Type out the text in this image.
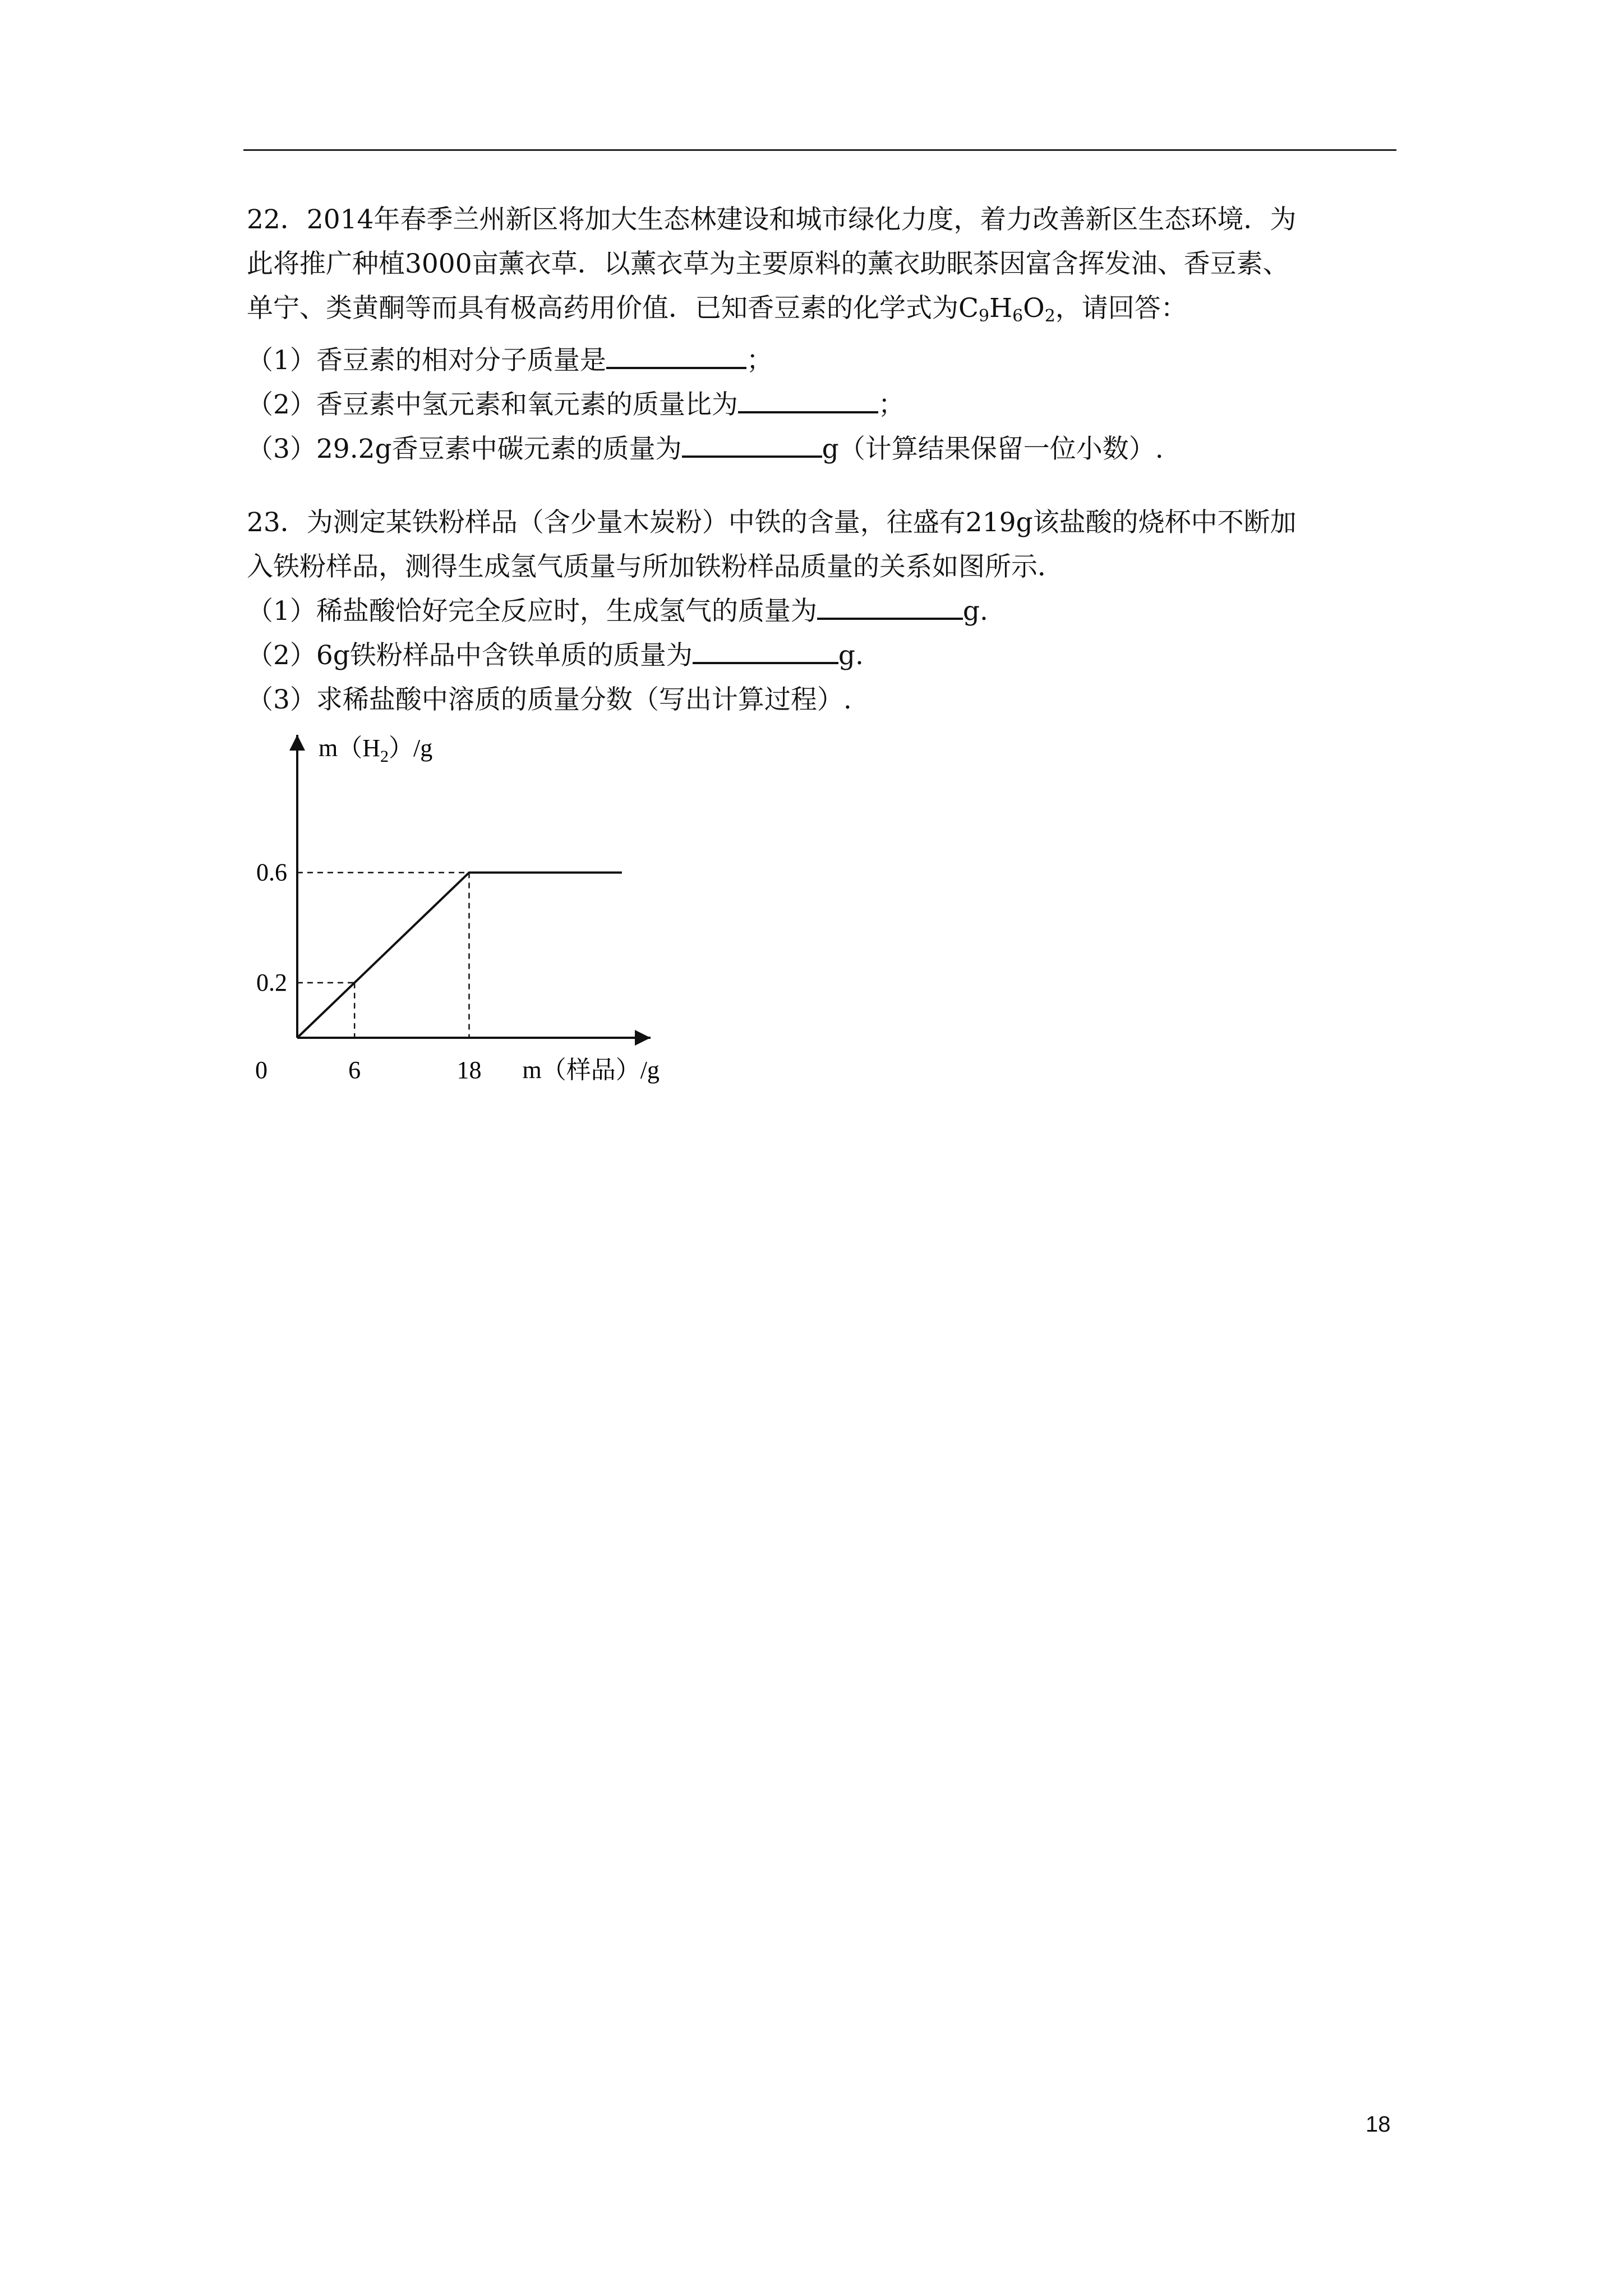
22．2014年春季兰州新区将加大生态林建设和城市绿化力度，着力改善新区生态环境．为

此将推广种植3000亩薰衣草．以薰衣草为主要原料的薰衣助眠茶因富含挥发油、香豆素、

单宁、类黄酮等而具有极高药用价值．已知香豆素的化学式为$C_9H_6O_2$，请回答：

（1）香豆素的相对分子质量是	；

（2）香豆素中氢元素和氧元素的质量比为	；

（3）29.2g香豆素中碳元素的质量为	g（计算结果保留一位小数）.

23．为测定某铁粉样品（含少量木炭粉）中铁的含量，往盛有219g该盐酸的烧杯中不断加

入铁粉样品，测得生成氢气质量与所加铁粉样品质量的关系如图所示．

（1）稀盐酸恰好完全反应时，生成氢气的质量为	g.

（2）6g铁粉样品中含铁单质的质量为	g.

（3）求稀盐酸中溶质的质量分数（写出计算过程）.

0	6	18
0.2
0.6
m（样品）/g
$m(H_2)/g$
18
